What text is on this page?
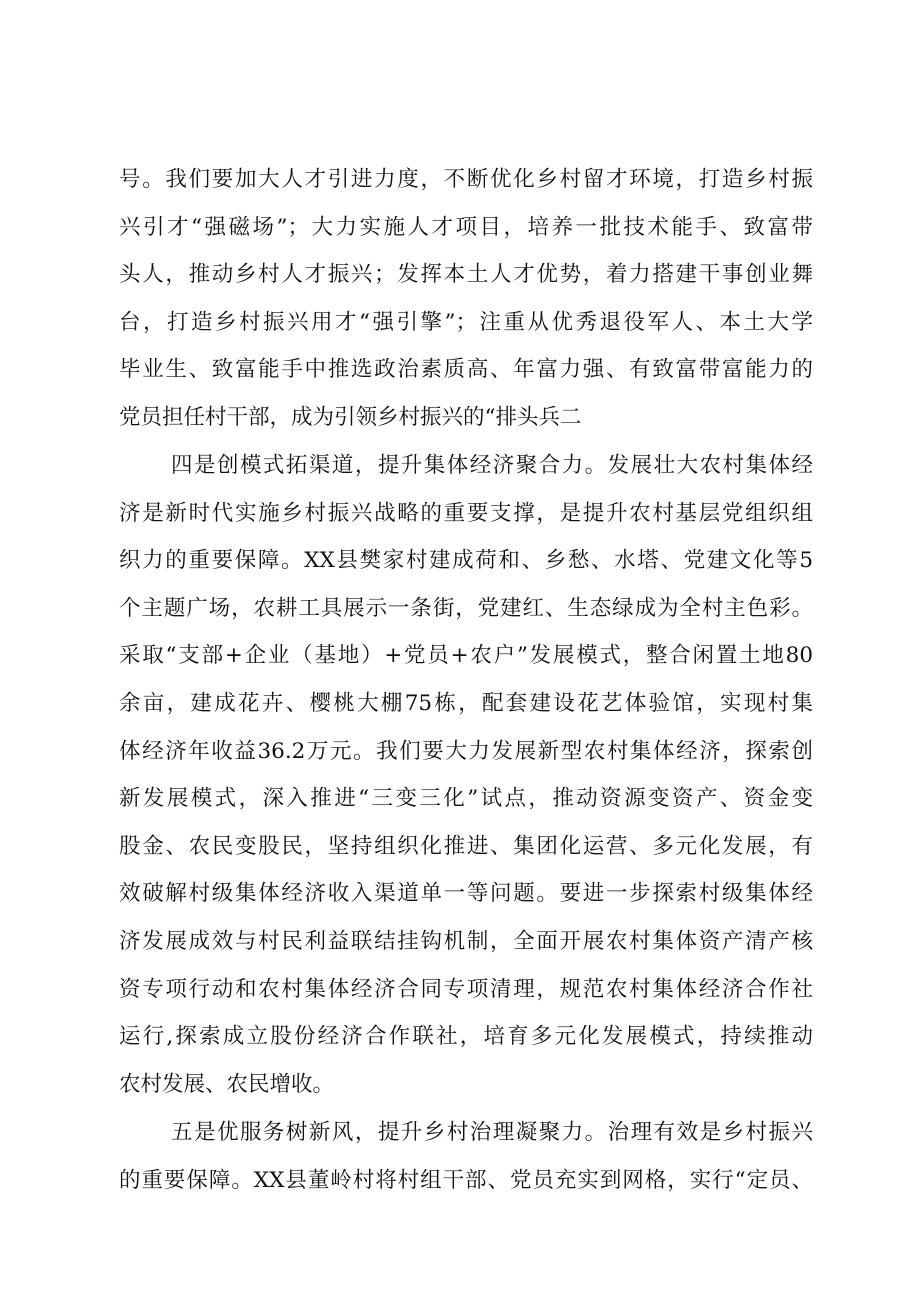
号。我们要加大人才引进力度，不断优化乡村留才环境，打造乡村振
兴引才“强磁场”；大力实施人才项目，培养一批技术能手、致富带
头人，推动乡村人才振兴；发挥本土人才优势，着力搭建干事创业舞
台，打造乡村振兴用才“强引擎”；注重从优秀退役军人、本土大学
毕业生、致富能手中推选政治素质高、年富力强、有致富带富能力的
党员担任村干部，成为引领乡村振兴的“排头兵二
四是创模式拓渠道，提升集体经济聚合力。发展壮大农村集体经
济是新时代实施乡村振兴战略的重要支撑，是提升农村基层党组织组
织力的重要保障。XX县樊家村建成荷和、乡愁、水塔、党建文化等5
个主题广场，农耕工具展示一条街，党建红、生态绿成为全村主色彩。
采取“支部+企业（基地）+党员+农户”发展模式，整合闲置土地80
余亩，建成花卉、樱桃大棚75栋，配套建设花艺体验馆，实现村集
体经济年收益36.2万元。我们要大力发展新型农村集体经济，探索创
新发展模式，深入推进“三变三化”试点，推动资源变资产、资金变
股金、农民变股民，坚持组织化推进、集团化运营、多元化发展，有
效破解村级集体经济收入渠道单一等问题。要进一步探索村级集体经
济发展成效与村民利益联结挂钩机制，全面开展农村集体资产清产核
资专项行动和农村集体经济合同专项清理，规范农村集体经济合作社
运行,探索成立股份经济合作联社，培育多元化发展模式，持续推动
农村发展、农民增收。
五是优服务树新风，提升乡村治理凝聚力。治理有效是乡村振兴
的重要保障。XX县董岭村将村组干部、党员充实到网格，实行“定员、
